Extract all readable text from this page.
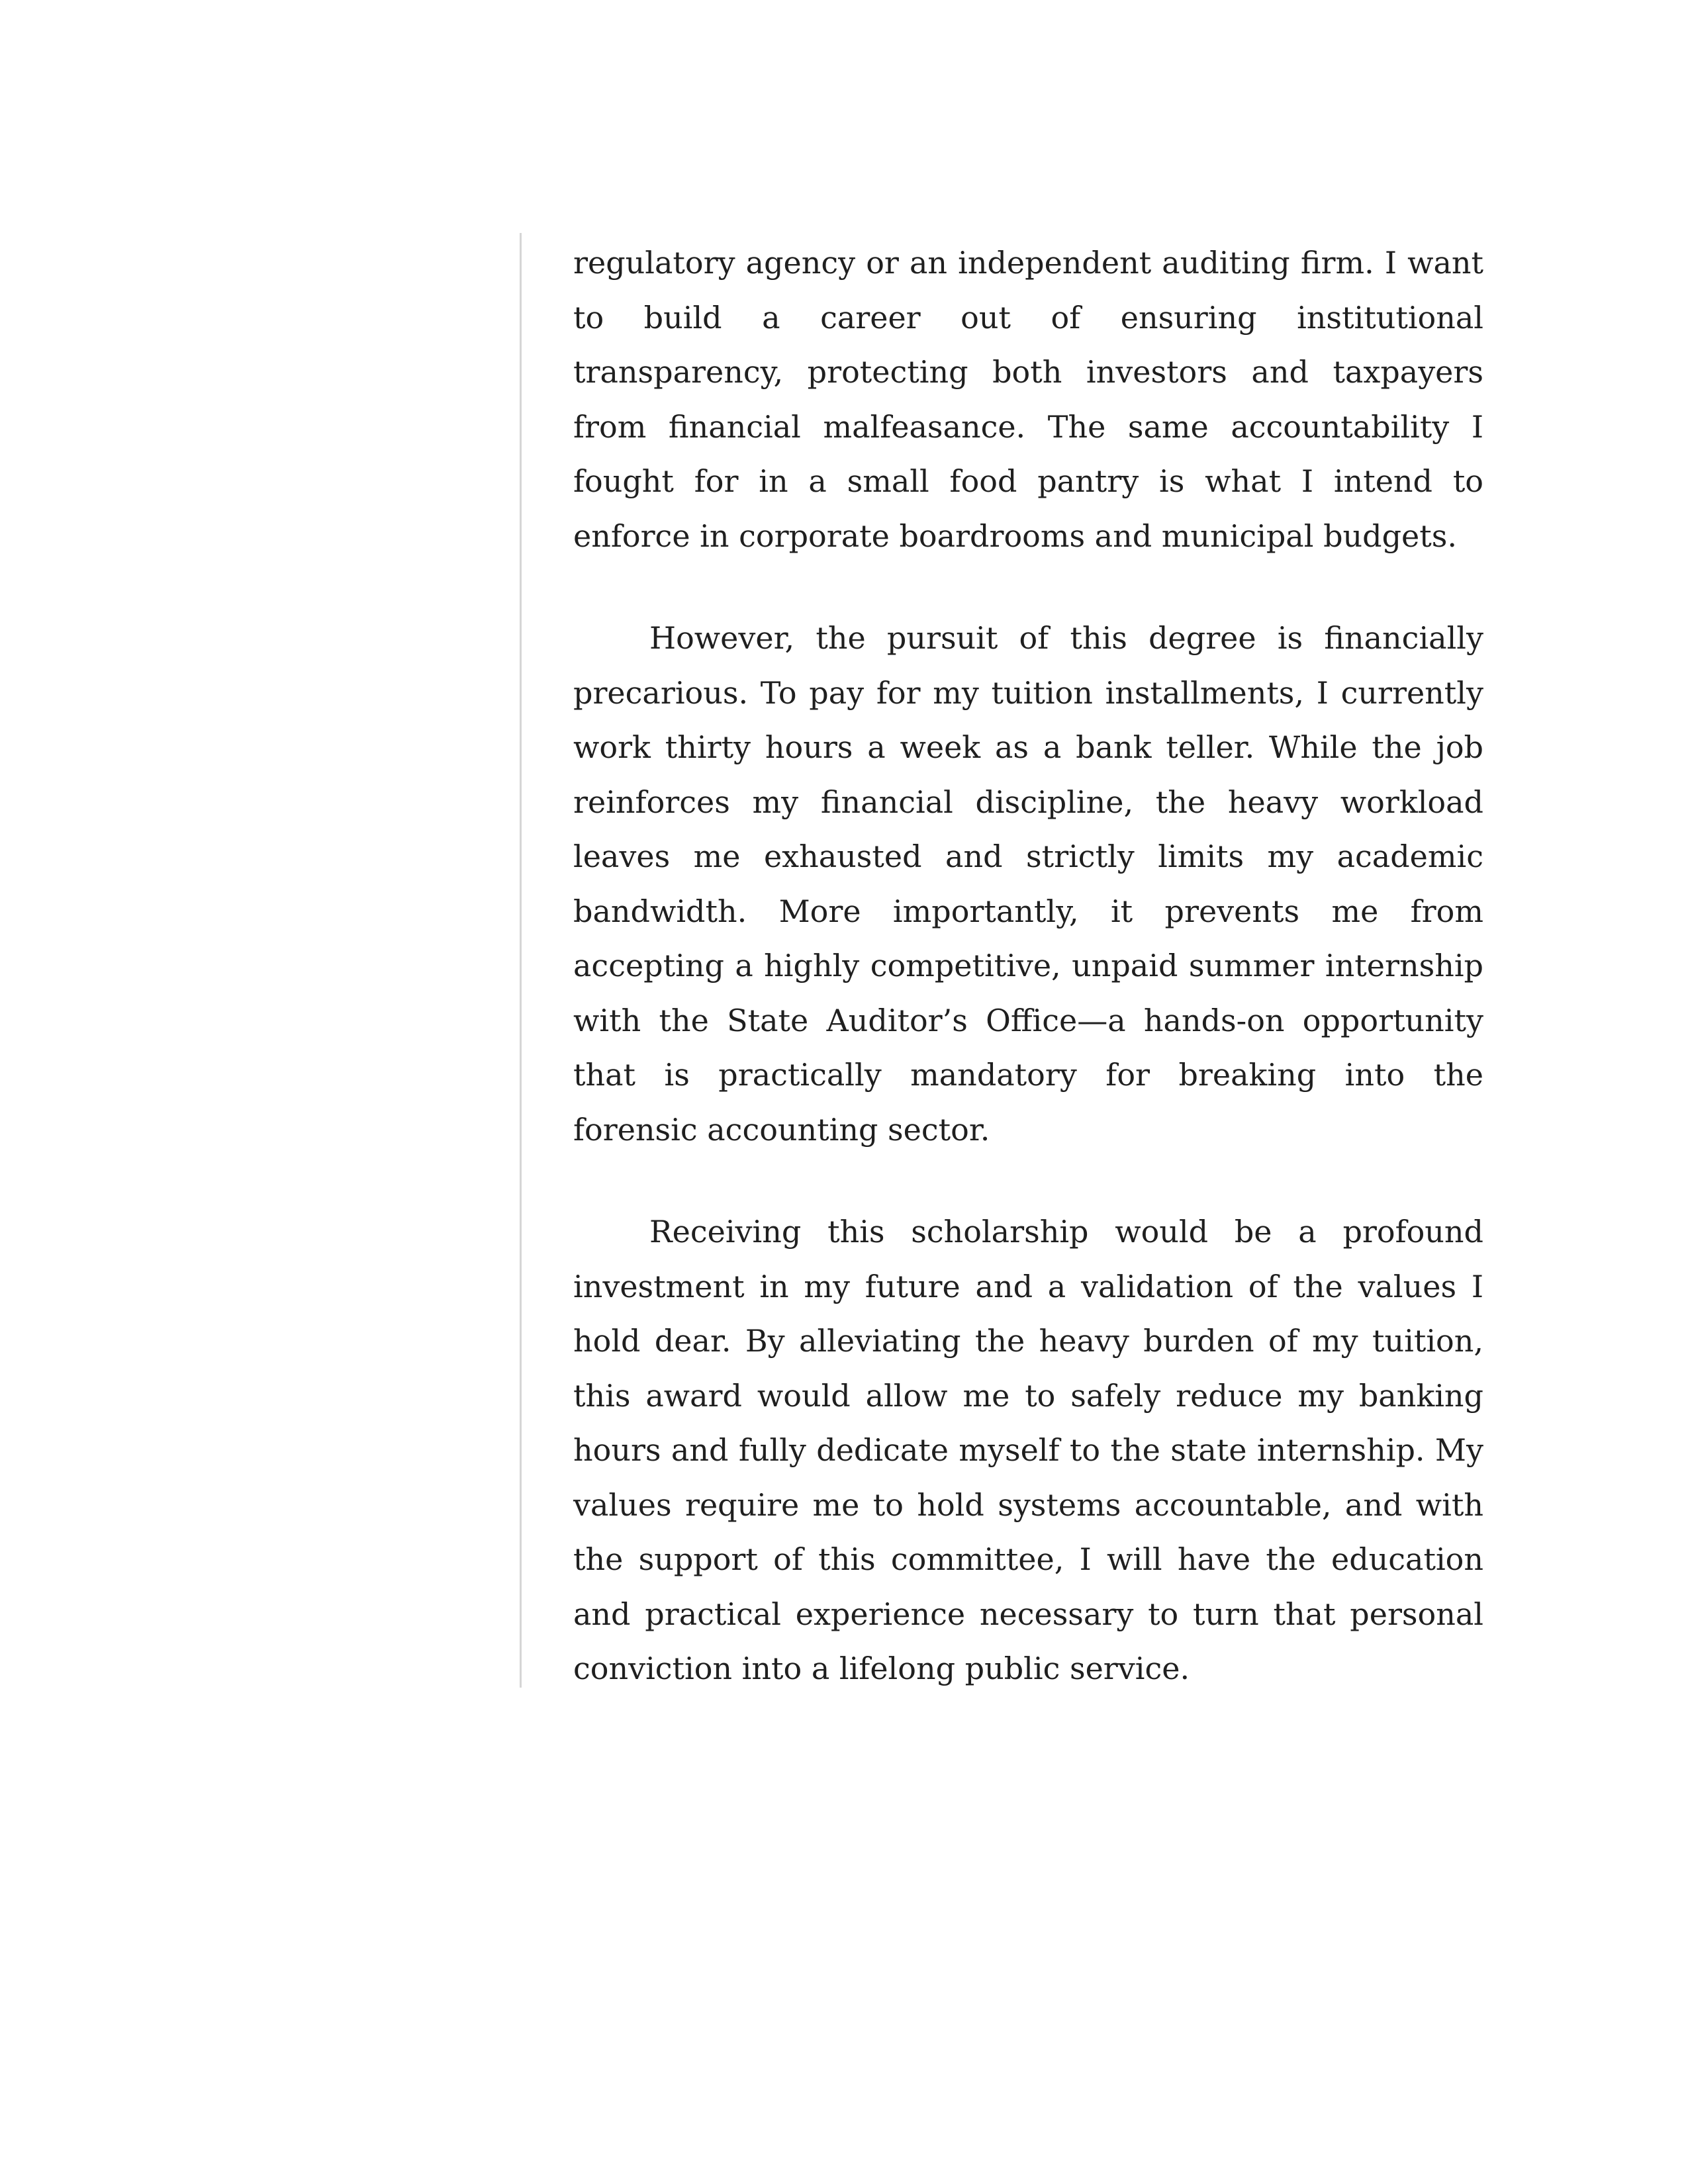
regulatory agency or an independent auditing firm. I want to build a career out of ensuring institutional transparency, protecting both investors and taxpayers from financial malfeasance. The same accountability I fought for in a small food pantry is what I intend to enforce in corporate boardrooms and municipal budgets.

However, the pursuit of this degree is financially precarious. To pay for my tuition installments, I currently work thirty hours a week as a bank teller. While the job reinforces my financial discipline, the heavy workload leaves me exhausted and strictly limits my academic bandwidth. More importantly, it prevents me from accepting a highly competitive, unpaid summer internship with the State Auditor’s Office—a hands-on opportunity that is practically mandatory for breaking into the forensic accounting sector.

Receiving this scholarship would be a profound investment in my future and a validation of the values I hold dear. By alleviating the heavy burden of my tuition, this award would allow me to safely reduce my banking hours and fully dedicate myself to the state internship. My values require me to hold systems accountable, and with the support of this committee, I will have the education and practical experience necessary to turn that personal conviction into a lifelong public service.
